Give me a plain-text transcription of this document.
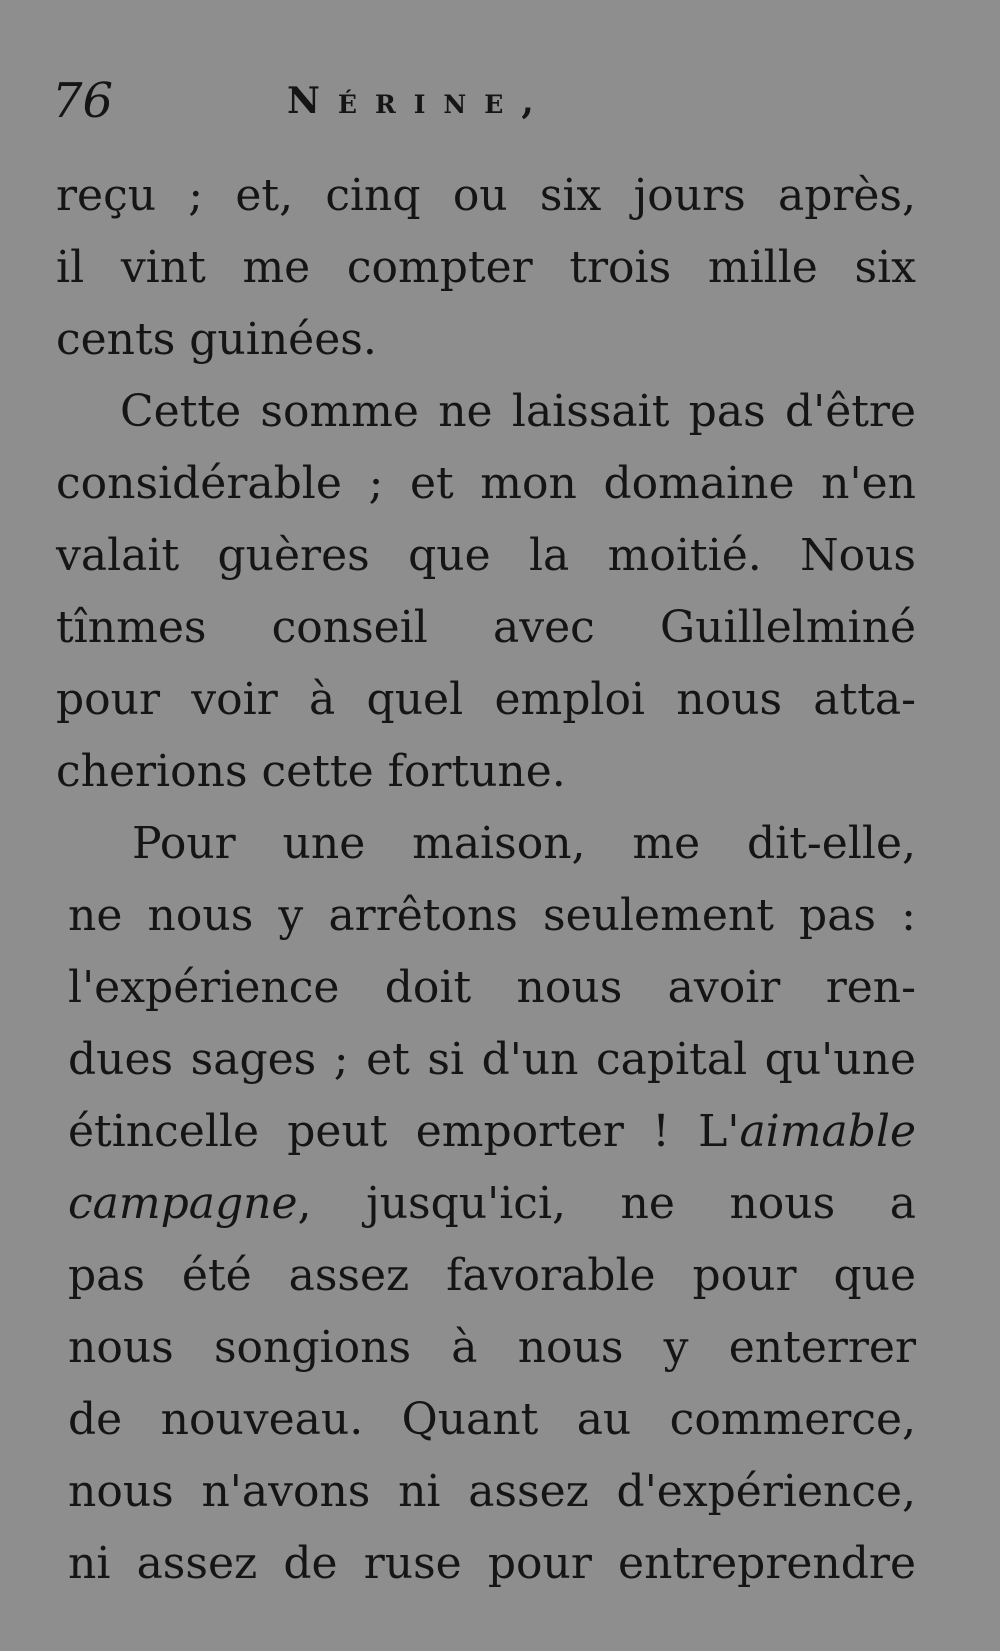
76	Nérine,
reçu ; et, cinq ou six jours après,
il vint me compter trois mille six
cents guinées.
Cette somme ne laissait pas d'être
considérable ; et mon domaine n'en
valait guères que la moitié. Nous
tînmes conseil avec Guillelminé
pour voir à quel emploi nous atta-
cherions cette fortune.
Pour une maison, me dit-elle,
ne nous y arrêtons seulement pas :
l'expérience doit nous avoir ren-
dues sages ; et si d'un capital qu'une
étincelle peut emporter ! L'aimable
campagne, jusqu'ici, ne nous a
pas été assez favorable pour que
nous songions à nous y enterrer
de nouveau. Quant au commerce,
nous n'avons ni assez d'expérience,
ni assez de ruse pour entreprendre
